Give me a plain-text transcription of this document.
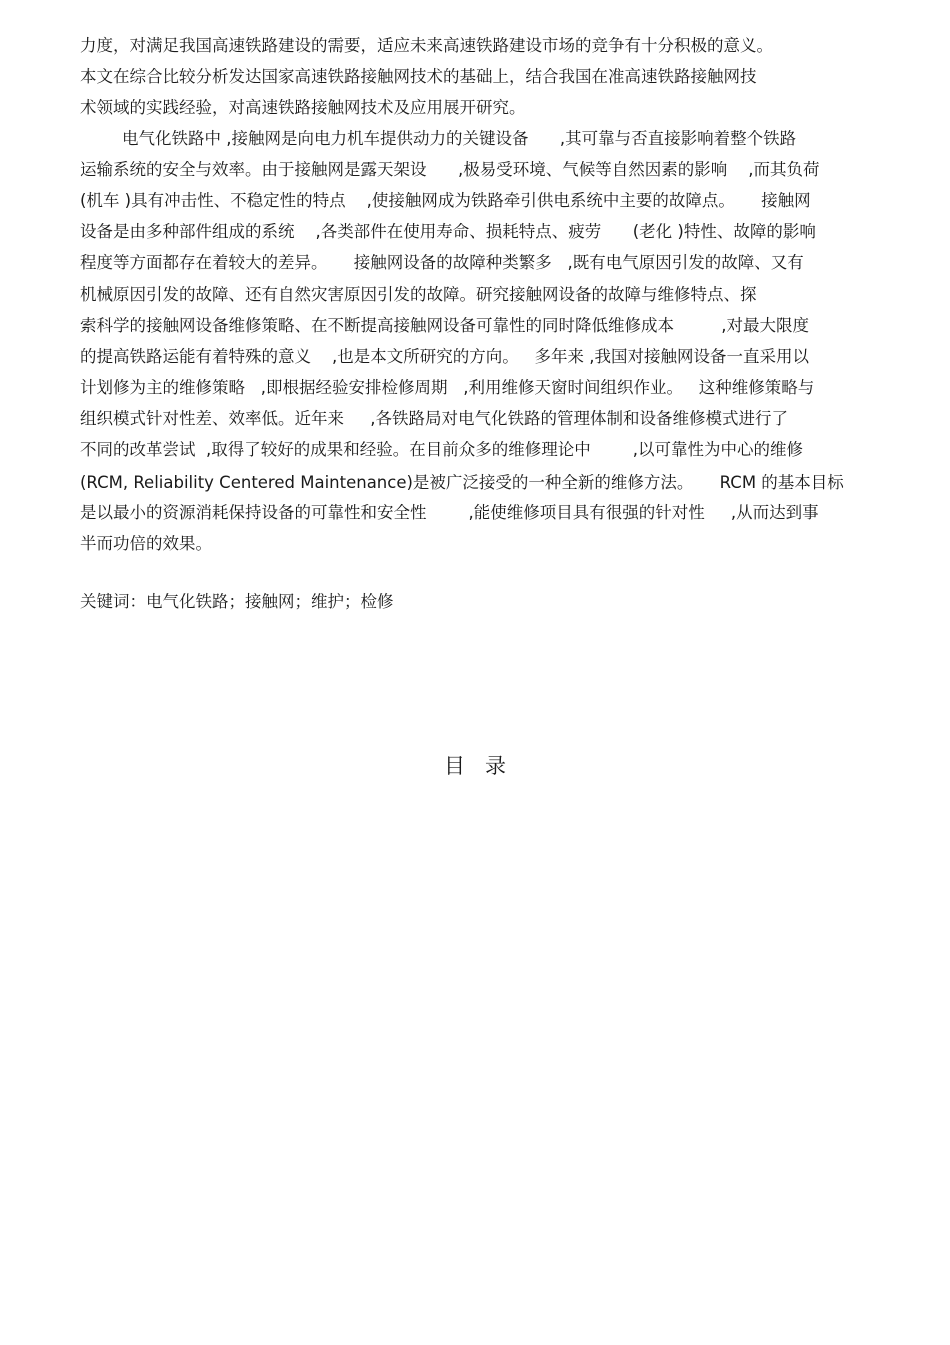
力度，对满足我国高速铁路建设的需要，适应未来高速铁路建设市场的竞争有十分积极的意义。
本文在综合比较分析发达国家高速铁路接触网技术的基础上，结合我国在准高速铁路接触网技
术领域的实践经验，对高速铁路接触网技术及应用展开研究。
电气化铁路中 ,接触网是向电力机车提供动力的关键设备      ,其可靠与否直接影响着整个铁路
运输系统的安全与效率。由于接触网是露天架设      ,极易受环境、气候等自然因素的影响    ,而其负荷
(机车 )具有冲击性、不稳定性的特点    ,使接触网成为铁路牵引供电系统中主要的故障点。     接触网
设备是由多种部件组成的系统    ,各类部件在使用寿命、损耗特点、疲劳      (老化 )特性、故障的影响
程度等方面都存在着较大的差异。     接触网设备的故障种类繁多   ,既有电气原因引发的故障、又有
机械原因引发的故障、还有自然灾害原因引发的故障。研究接触网设备的故障与维修特点、探
索科学的接触网设备维修策略、在不断提高接触网设备可靠性的同时降低维修成本         ,对最大限度
的提高铁路运能有着特殊的意义    ,也是本文所研究的方向。   多年来 ,我国对接触网设备一直采用以
计划修为主的维修策略   ,即根据经验安排检修周期   ,利用维修天窗时间组织作业。   这种维修策略与
组织模式针对性差、效率低。近年来     ,各铁路局对电气化铁路的管理体制和设备维修模式进行了
不同的改革尝试  ,取得了较好的成果和经验。在目前众多的维修理论中        ,以可靠性为中心的维修
(RCM, Reliability Centered Maintenance)是被广泛接受的一种全新的维修方法。     RCM 的基本目标
是以最小的资源消耗保持设备的可靠性和安全性        ,能使维修项目具有很强的针对性     ,从而达到事
半而功倍的效果。
关键词：电气化铁路；接触网；维护；检修
目   录
